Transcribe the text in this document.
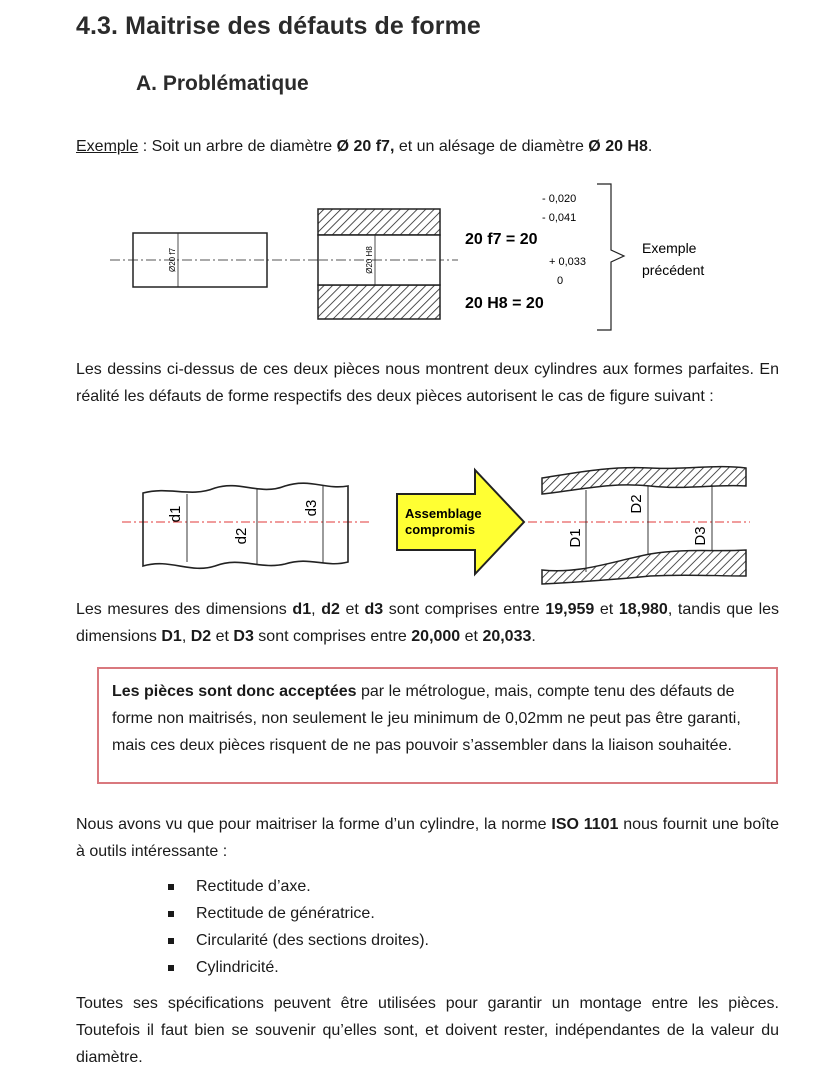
4.3. Maitrise des défauts de forme
A. Problématique

Exemple : Soit un arbre de diamètre Ø 20 f7, et un alésage de diamètre Ø 20 H8.

Ø20 f7	Ø20 H8
- 0,020
- 0,041
20 f7 = 20
+ 0,033
0
20 H8 = 20
Exemple
précédent

Les dessins ci-dessus de ces deux pièces nous montrent deux cylindres aux formes parfaites. En réalité les défauts de forme respectifs des deux pièces autorisent le cas de figure suivant :

d1
d2
d3	Assemblage
compromis	D1
D2
D3

Les mesures des dimensions d1, d2 et d3 sont comprises entre 19,959 et 18,980, tandis que les dimensions D1, D2 et D3 sont comprises entre 20,000 et 20,033.

Les pièces sont donc acceptées par le métrologue, mais, compte tenu des défauts de forme non maitrisés, non seulement le jeu minimum de 0,02mm ne peut pas être garanti, mais ces deux pièces risquent de ne pas pouvoir s’assembler dans la liaison souhaitée.

Nous avons vu que pour maitriser la forme d’un cylindre, la norme ISO 1101 nous fournit une boîte à outils intéressante :

Rectitude d’axe.
Rectitude de génératrice.
Circularité (des sections droites).
Cylindricité.

Toutes ses spécifications peuvent être utilisées pour garantir un montage entre les pièces. Toutefois il faut bien se souvenir qu’elles sont, et doivent rester, indépendantes de la valeur du diamètre.
